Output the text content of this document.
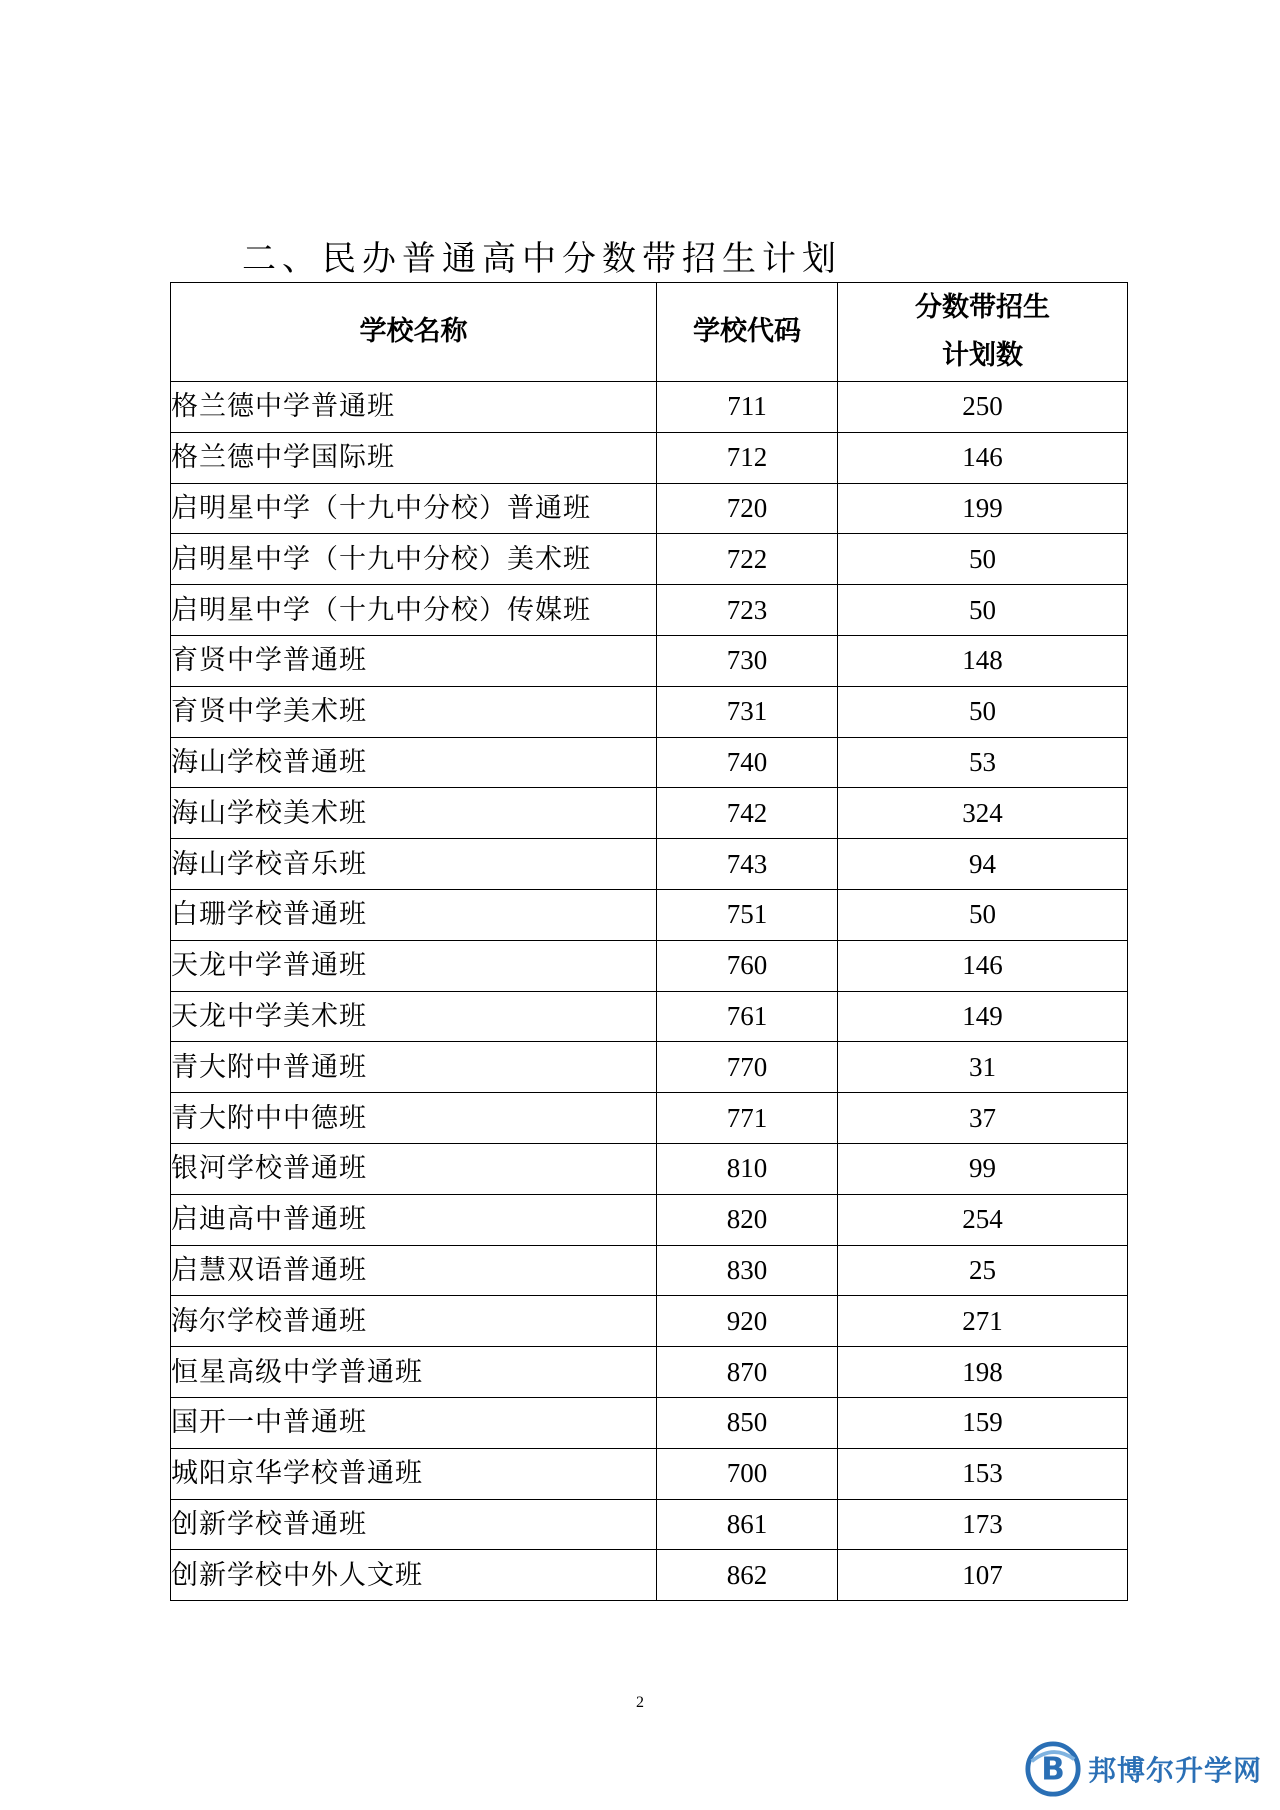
二、民办普通高中分数带招生计划
学校名称	学校代码	分数带招生
计划数

格兰德中学普通班	711	250
格兰德中学国际班	712	146
启明星中学（十九中分校）普通班	720	199
启明星中学（十九中分校）美术班	722	50
启明星中学（十九中分校）传媒班	723	50
育贤中学普通班	730	148
育贤中学美术班	731	50
海山学校普通班	740	53
海山学校美术班	742	324
海山学校音乐班	743	94
白珊学校普通班	751	50
天龙中学普通班	760	146
天龙中学美术班	761	149
青大附中普通班	770	31
青大附中中德班	771	37
银河学校普通班	810	99
启迪高中普通班	820	254
启慧双语普通班	830	25
海尔学校普通班	920	271
恒星高级中学普通班	870	198
国开一中普通班	850	159
城阳京华学校普通班	700	153
创新学校普通班	861	173
创新学校中外人文班	862	107
2
B 邦博尔升学网
